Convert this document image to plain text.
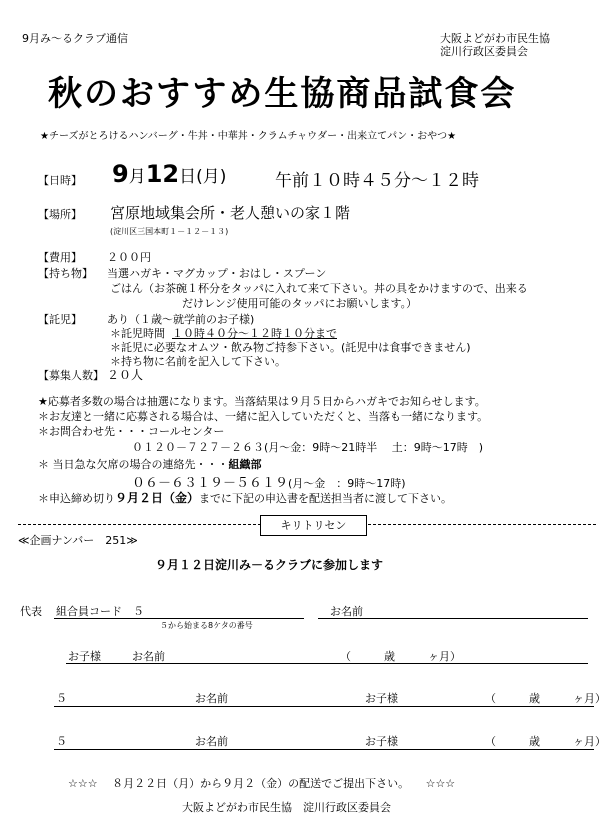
9月み～るクラブ通信	大阪よどがわ市民生協
淀川行政区委員会
秋のおすすめ生協商品試食会
★チーズがとろけるハンバーグ・牛丼・中華丼・クラムチャウダー・出来立てパン・おやつ★
【日時】 9月12日(月)	午前１０時４５分～１２時
【場所】 宮原地域集会所・老人憩いの家１階
(淀川区三国本町１－１２－１３)
【費用】 ２００円
【持ち物】 当選ハガキ・マグカップ・おはし・スプーン
ごはん（お茶碗１杯分をタッパに入れて来て下さい。丼の具をかけますので、出来る
だけレンジ使用可能のタッパにお願いします。）
【託児】 あり（１歳～就学前のお子様)
＊託児時間 １０時４０分～１２時１０分まで
＊託児に必要なオムツ・飲み物ご持参下さい。(託児中は食事できません)
＊持ち物に名前を記入して下さい。
【募集人数】 ２０人
★応募者多数の場合は抽選になります。当落結果は９月５日からハガキでお知らせします。
＊お友達と一緒に応募される場合は、一緒に記入していただくと、当落も一緒になります。
＊お問合わせ先・・・コールセンター
０１２０－７２７－２６３(月～金：9時～21時半　 土：9時～17時　)
＊ 当日急な欠席の場合の連絡先・・・組織部
０６－６３１９－５６１９(月～金　：9時～17時)
＊申込締め切り９月２日（金）までに下記の申込書を配送担当者に渡して下さい。
キリトリセン
≪企画ナンバー　251≫
９月１２日淀川み－るクラブに参加します
代表 組合員コード　５
５から始まる8ケタの番号
お名前
お子様	お名前	（　　　歳　　　ヶ月）
５	お名前	お子様	（　　　歳　　　ヶ月）
５	お名前	お子様	（　　　歳　　　ヶ月）
☆☆☆　 ８月２２日（月）から９月２（金）の配送でご提出下さい。　　☆☆☆
大阪よどがわ市民生協　淀川行政区委員会
